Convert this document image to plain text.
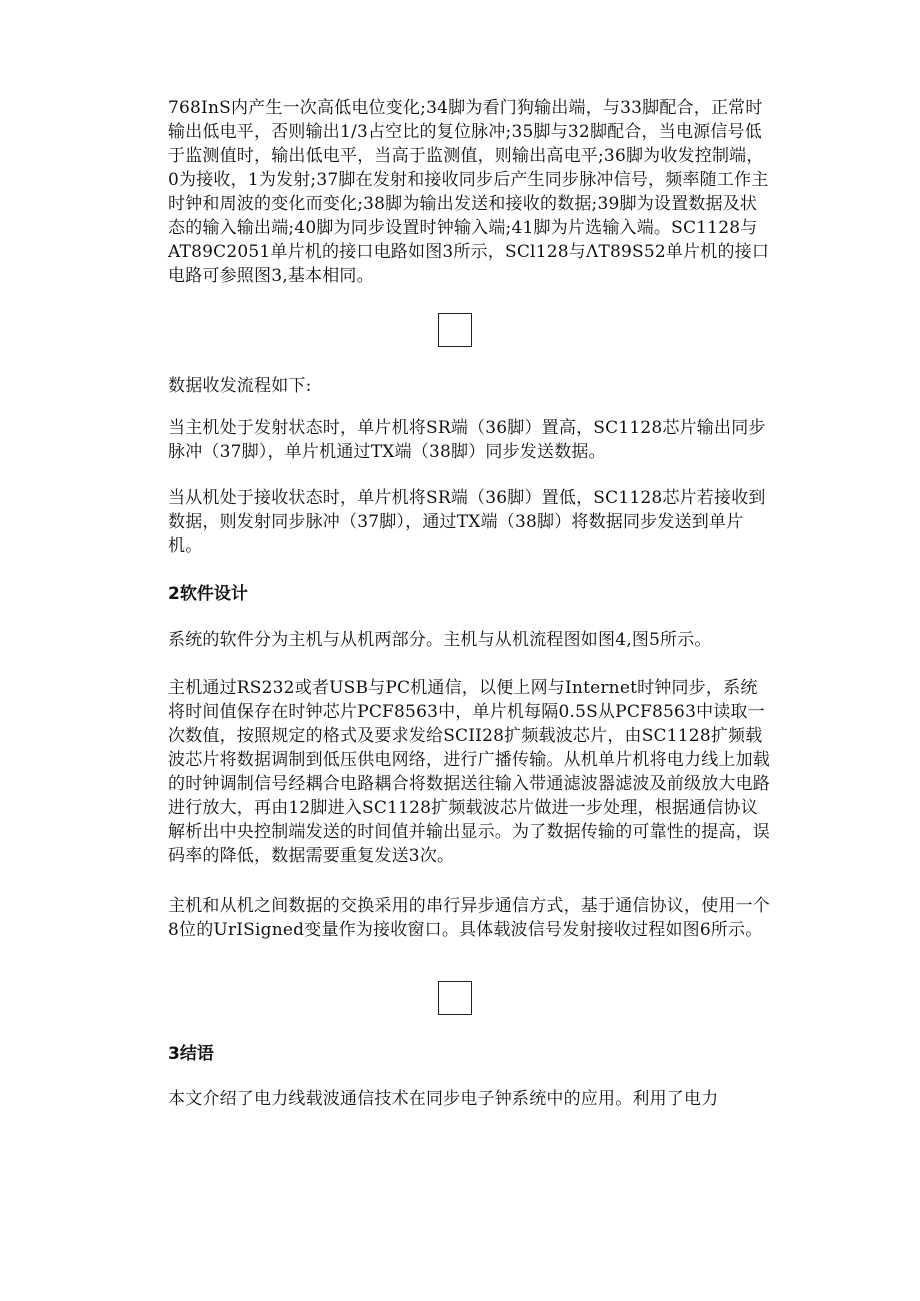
768InS内产生一次高低电位变化;34脚为看门狗输出端，与33脚配合，正常时输出低电平，否则输出1/3占空比的复位脉冲;35脚与32脚配合，当电源信号低于监测值时，输出低电平，当高于监测值，则输出高电平;36脚为收发控制端，0为接收，1为发射;37脚在发射和接收同步后产生同步脉冲信号，频率随工作主时钟和周波的变化而变化;38脚为输出发送和接收的数据;39脚为设置数据及状态的输入输出端;40脚为同步设置时钟输入端;41脚为片选输入端。SC1128与AT89C2051单片机的接口电路如图3所示，SCl128与ΛT89S52单片机的接口电路可参照图3,基本相同。

数据收发流程如下:

当主机处于发射状态时，单片机将SR端（36脚）置高，SC1128芯片输出同步脉冲（37脚），单片机通过TX端（38脚）同步发送数据。

当从机处于接收状态时，单片机将SR端（36脚）置低，SC1128芯片若接收到数据，则发射同步脉冲（37脚），通过TX端（38脚）将数据同步发送到单片机。

2软件设计

系统的软件分为主机与从机两部分。主机与从机流程图如图4,图5所示。

主机通过RS232或者USB与PC机通信，以便上网与Internet时钟同步，系统将时间值保存在时钟芯片PCF8563中，单片机每隔0.5S从PCF8563中读取一次数值，按照规定的格式及要求发给SCII28扩频载波芯片，由SC1128扩频载波芯片将数据调制到低压供电网络，进行广播传输。从机单片机将电力线上加载的时钟调制信号经耦合电路耦合将数据送往输入带通滤波器滤波及前级放大电路进行放大，再由12脚进入SC1128扩频载波芯片做进一步处理，根据通信协议解析出中央控制端发送的时间值并输出显示。为了数据传输的可靠性的提高，误码率的降低，数据需要重复发送3次。

主机和从机之间数据的交换采用的串行异步通信方式，基于通信协议，使用一个8位的UrISigned变量作为接收窗口。具体载波信号发射接收过程如图6所示。

3结语

本文介绍了电力线载波通信技术在同步电子钟系统中的应用。利用了电力
